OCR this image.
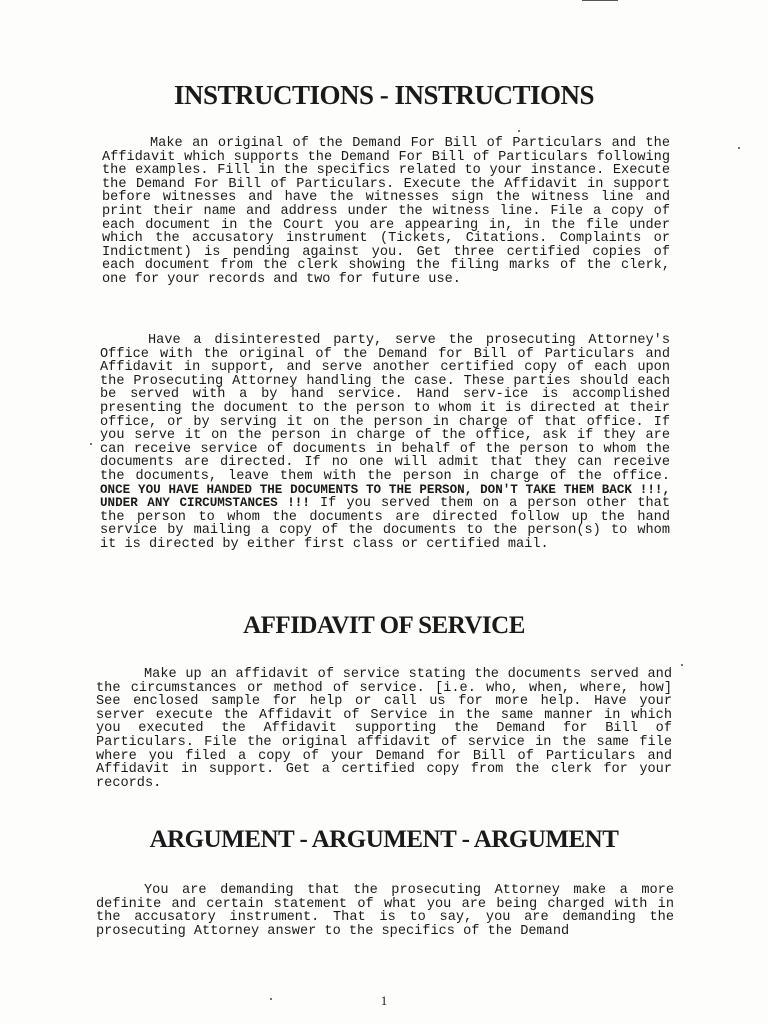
INSTRUCTIONS - INSTRUCTIONS

Make an original of the Demand For Bill of Particulars and the Affidavit which supports the Demand For Bill of Particulars following the examples. Fill in the specifics related to your instance. Execute the Demand For Bill of Particulars. Execute the Affidavit in support before witnesses and have the witnesses sign the witness line and print their name and address under the witness line. File a copy of each document in the Court you are appearing in, in the file under which the accusatory instrument (Tickets, Citations. Complaints or Indictment) is pending against you. Get three certified copies of each document from the clerk showing the filing marks of the clerk, one for your records and two for future use.

Have a disinterested party, serve the prosecuting Attorney's Office with the original of the Demand for Bill of Particulars and Affidavit in support, and serve another certified copy of each upon the Prosecuting Attorney handling the case. These parties should each be served with a by hand service. Hand serv-ice is accomplished presenting the document to the person to whom it is directed at their office, or by serving it on the person in charge of that office. If you serve it on the person in charge of the office, ask if they are can receive service of documents in behalf of the person to whom the documents are directed. If no one will admit that they can receive the documents, leave them with the person in charge of the office. ONCE YOU HAVE HANDED THE DOCUMENTS TO THE PERSON, DON'T TAKE THEM BACK !!!, UNDER ANY CIRCUMSTANCES !!! If you served them on a person other that the person to whom the documents are directed follow up the hand service by mailing a copy of the documents to the person(s) to whom it is directed by either first class or certified mail.

AFFIDAVIT OF SERVICE

Make up an affidavit of service stating the documents served and the circumstances or method of service. [i.e. who, when, where, how] See enclosed sample for help or call us for more help. Have your server execute the Affidavit of Service in the same manner in which you executed the Affidavit supporting the Demand for Bill of Particulars. File the original affidavit of service in the same file where you filed a copy of your Demand for Bill of Particulars and Affidavit in support. Get a certified copy from the clerk for your records.

ARGUMENT - ARGUMENT - ARGUMENT

You are demanding that the prosecuting Attorney make a more definite and certain statement of what you are being charged with in the accusatory instrument. That is to say, you are demanding the prosecuting Attorney answer to the specifics of the Demand

1
